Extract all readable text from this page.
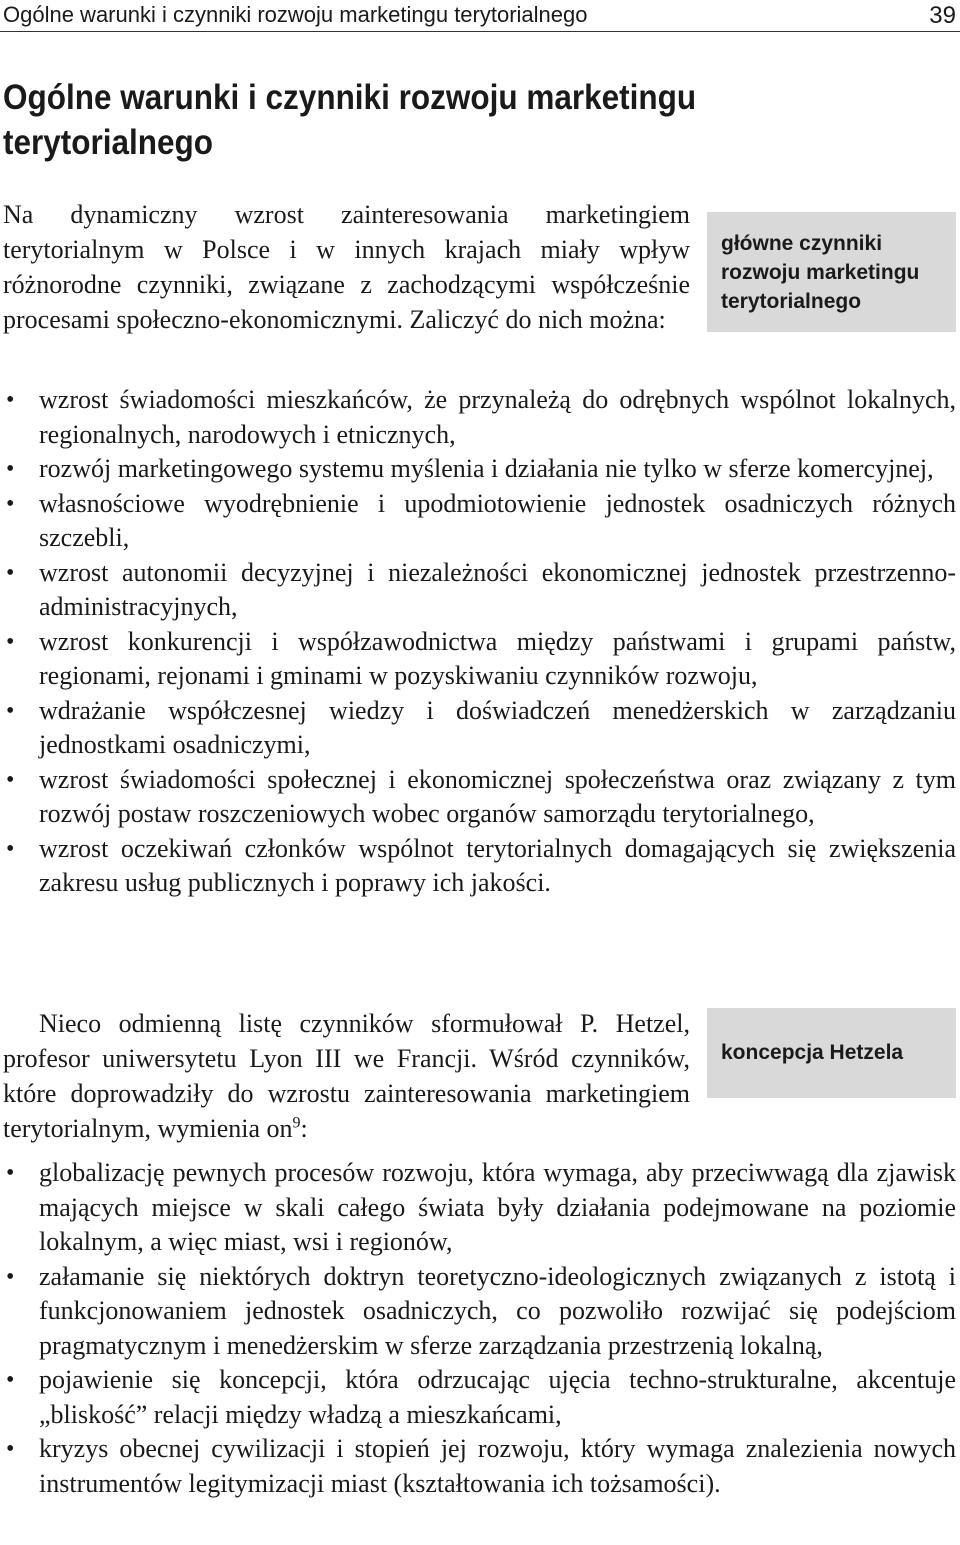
Ogólne warunki i czynniki rozwoju marketingu terytorialnego	39
Ogólne warunki i czynniki rozwoju marketingu terytorialnego

Na dynamiczny wzrost zainteresowania marketingiem terytorialnym w Polsce i w innych krajach miały wpływ różnorodne czynniki, związane z zachodzącymi współcześnie procesami społeczno-ekonomicznymi. Zaliczyć do nich można:

główne czynniki rozwoju marketingu terytorialnego
• wzrost świadomości mieszkańców, że przynależą do odrębnych wspólnot lokalnych, regionalnych, narodowych i etnicznych,
• rozwój marketingowego systemu myślenia i działania nie tylko w sferze komercyjnej,
• własnościowe wyodrębnienie i upodmiotowienie jednostek osadniczych różnych szczebli,
• wzrost autonomii decyzyjnej i niezależności ekonomicznej jednostek przestrzenno-administracyjnych,
• wzrost konkurencji i współzawodnictwa między państwami i grupami państw, regionami, rejonami i gminami w pozyskiwaniu czynników rozwoju,
• wdrażanie współczesnej wiedzy i doświadczeń menedżerskich w zarządzaniu jednostkami osadniczymi,
• wzrost świadomości społecznej i ekonomicznej społeczeństwa oraz związany z tym rozwój postaw roszczeniowych wobec organów samorządu terytorialnego,
• wzrost oczekiwań członków wspólnot terytorialnych domagających się zwiększenia zakresu usług publicznych i poprawy ich jakości.

Nieco odmienną listę czynników sformułował P. Hetzel, profesor uniwersytetu Lyon III we Francji. Wśród czynników, które doprowadziły do wzrostu zainteresowania marketingiem terytorialnym, wymienia $on^9$:

koncepcja Hetzela
• globalizację pewnych procesów rozwoju, która wymaga, aby przeciwwagą dla zjawisk mających miejsce w skali całego świata były działania podejmowane na poziomie lokalnym, a więc miast, wsi i regionów,
• załamanie się niektórych doktryn teoretyczno-ideologicznych związanych z istotą i funkcjonowaniem jednostek osadniczych, co pozwoliło rozwijać się podejściom pragmatycznym i menedżerskim w sferze zarządzania przestrzenią lokalną,
• pojawienie się koncepcji, która odrzucając ujęcia techno-strukturalne, akcentuje „bliskość” relacji między władzą a mieszkańcami,
• kryzys obecnej cywilizacji i stopień jej rozwoju, który wymaga znalezienia nowych instrumentów legitymizacji miast (kształtowania ich tożsamości).
